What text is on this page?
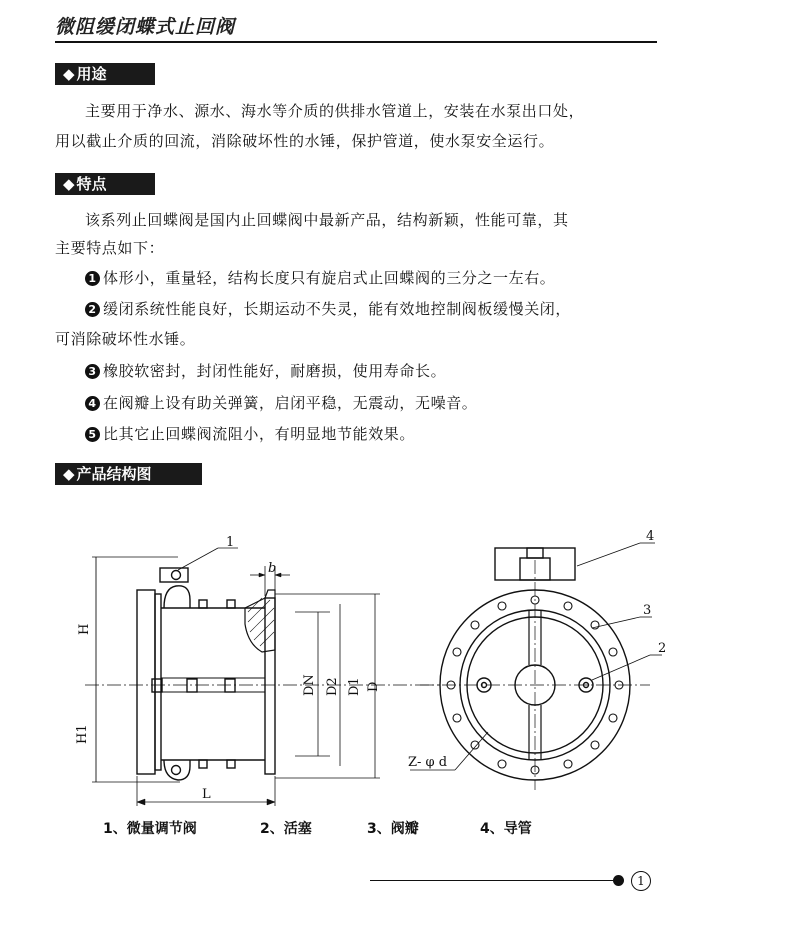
微阻缓闭蝶式止回阀
◆ 用途
主要用于净水、源水、海水等介质的供排水管道上，安装在水泵出口处，
用以截止介质的回流，消除破坏性的水锤，保护管道，使水泵安全运行。
◆ 特点
该系列止回蝶阀是国内止回蝶阀中最新产品，结构新颖，性能可靠，其
主要特点如下：
1 体形小，重量轻，结构长度只有旋启式止回蝶阀的三分之一左右。
2 缓闭系统性能良好，长期运动不失灵，能有效地控制阀板缓慢关闭，
可消除破坏性水锤。
3 橡胶软密封，封闭性能好，耐磨损，使用寿命长。
4 在阀瓣上设有助关弹簧，启闭平稳，无震动，无噪音。
5 比其它止回蝶阀流阻小，有明显地节能效果。
◆ 产品结构图
1
b
H
H1
DN D2 D1 D
L
4
3
2
Z- φ d
1、微量调节阀	2、活塞	3、阀瓣	4、导管
1
